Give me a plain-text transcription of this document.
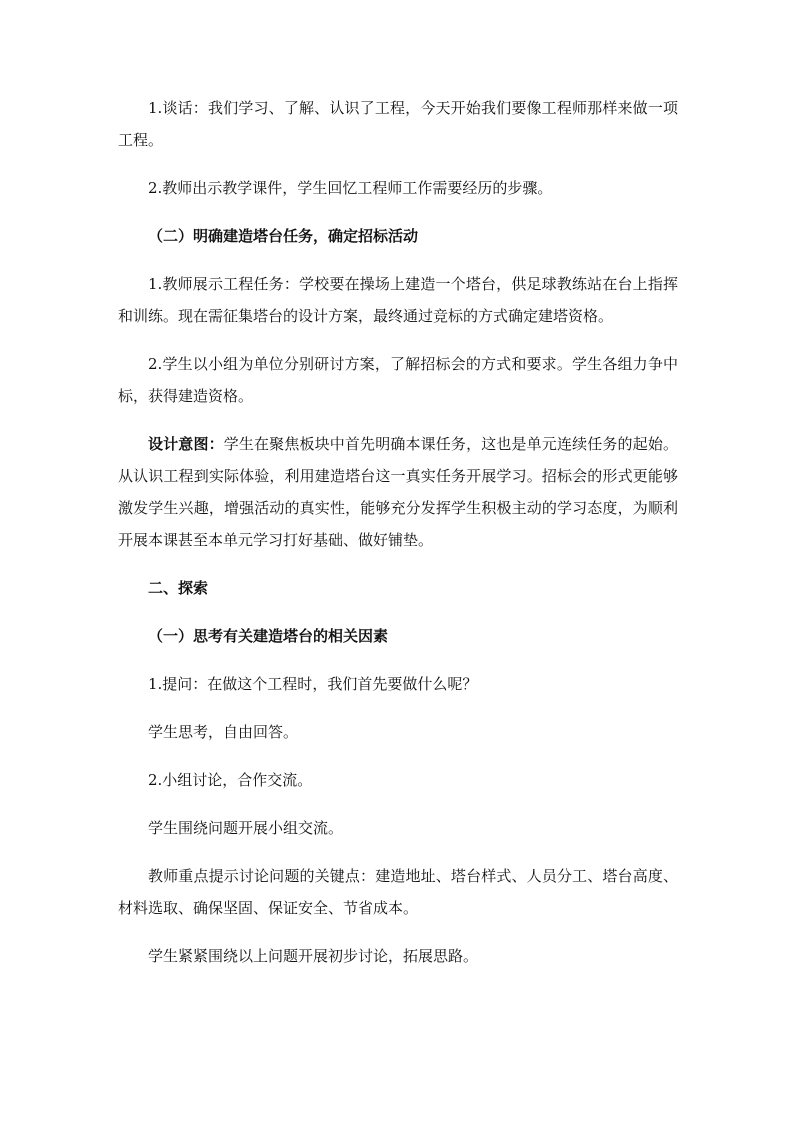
1.谈话：我们学习、了解、认识了工程，今天开始我们要像工程师那样来做一项工程。

2.教师出示教学课件，学生回忆工程师工作需要经历的步骤。

（二）明确建造塔台任务，确定招标活动

1.教师展示工程任务：学校要在操场上建造一个塔台，供足球教练站在台上指挥和训练。现在需征集塔台的设计方案，最终通过竞标的方式确定建塔资格。

2.学生以小组为单位分别研讨方案，了解招标会的方式和要求。学生各组力争中标，获得建造资格。

设计意图：学生在聚焦板块中首先明确本课任务，这也是单元连续任务的起始。从认识工程到实际体验，利用建造塔台这一真实任务开展学习。招标会的形式更能够激发学生兴趣，增强活动的真实性，能够充分发挥学生积极主动的学习态度，为顺利开展本课甚至本单元学习打好基础、做好铺垫。

二、探索

（一）思考有关建造塔台的相关因素

1.提问：在做这个工程时，我们首先要做什么呢？

学生思考，自由回答。

2.小组讨论，合作交流。

学生围绕问题开展小组交流。

教师重点提示讨论问题的关键点：建造地址、塔台样式、人员分工、塔台高度、材料选取、确保坚固、保证安全、节省成本。

学生紧紧围绕以上问题开展初步讨论，拓展思路。
